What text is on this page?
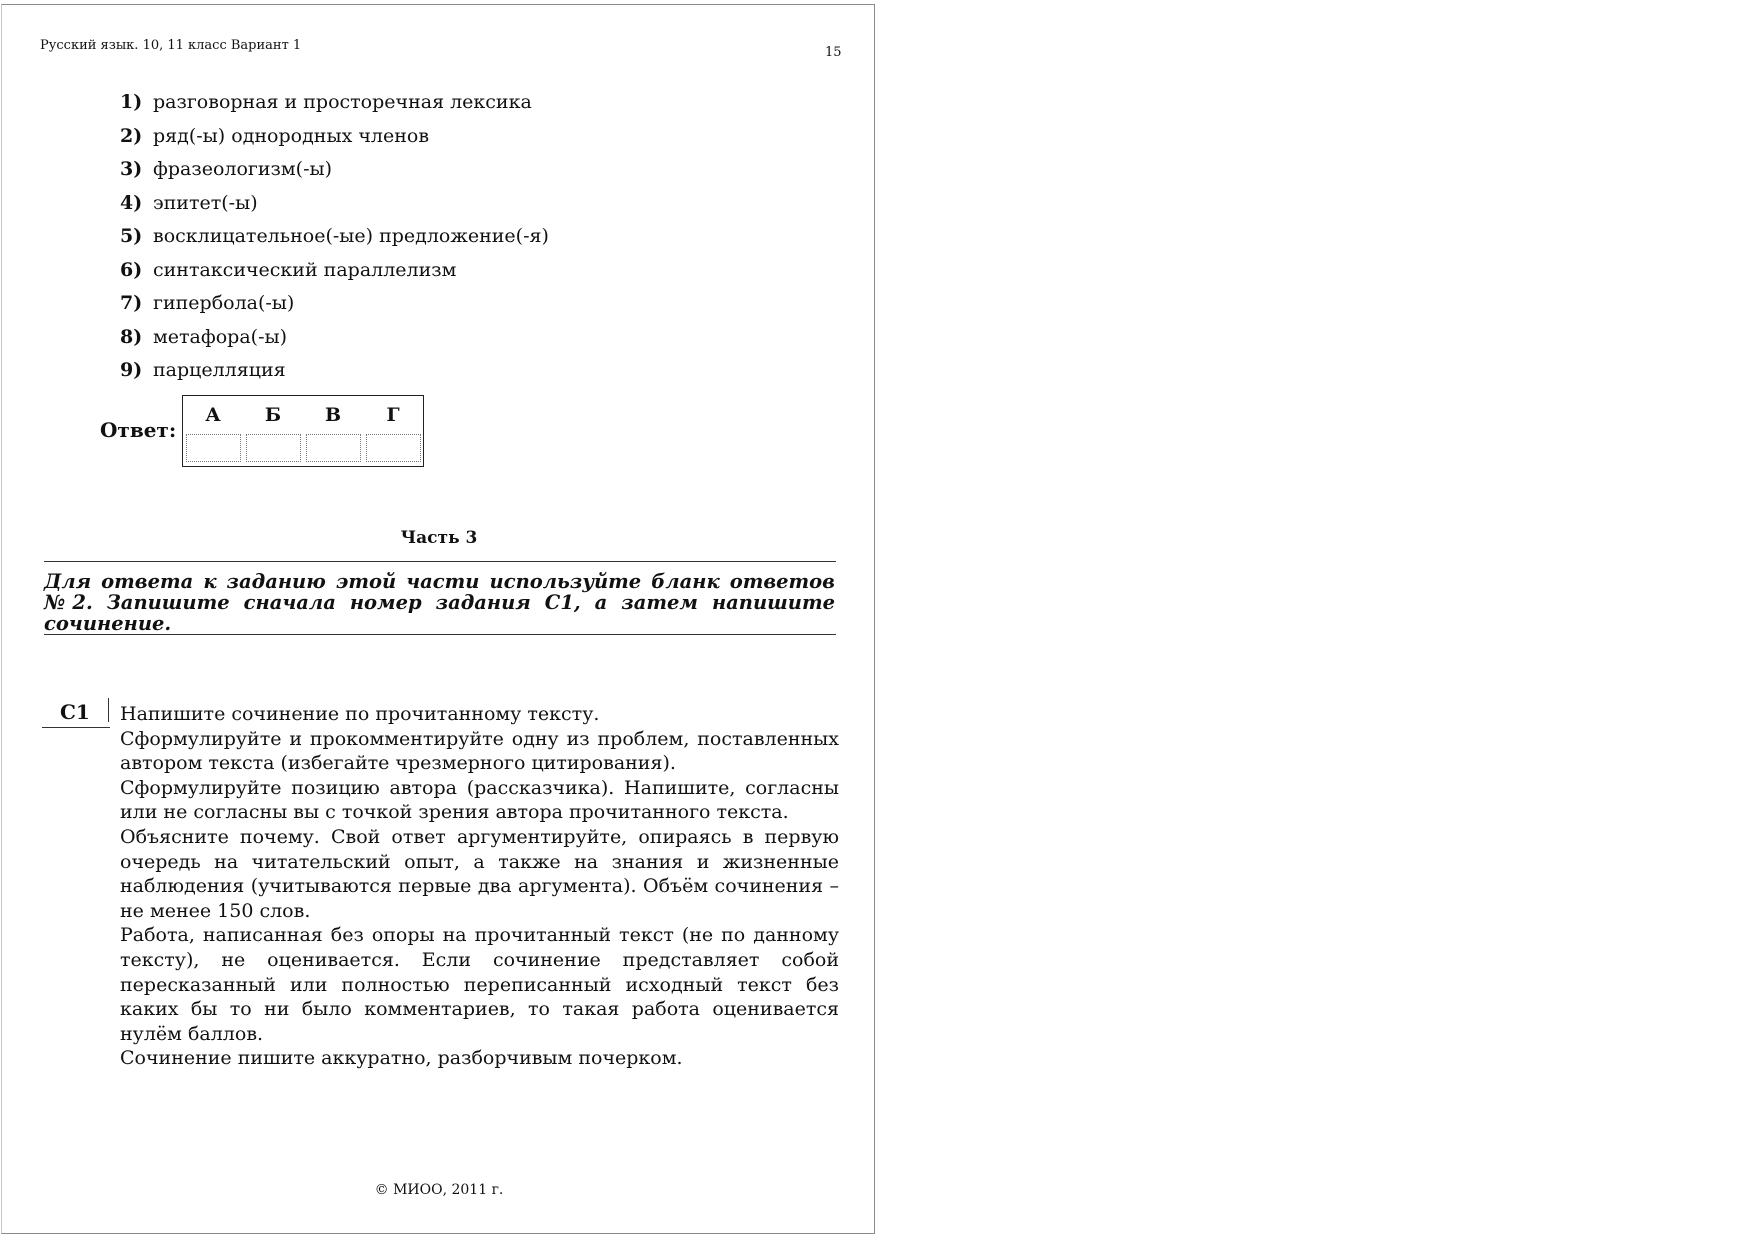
Русский язык. 10, 11 класс Вариант 1	15
1) разговорная и просторечная лексика
2) ряд(-ы) однородных членов
3) фразеологизм(-ы)
4) эпитет(-ы)
5) восклицательное(-ые) предложение(-я)
6) синтаксический параллелизм
7) гипербола(-ы)
8) метафора(-ы)
9) парцелляция
Ответ:
А	Б	В	Г
Часть 3
Для ответа к заданию этой части используйте бланк ответов №2. Запишите сначала номер задания С1, а затем напишите сочинение.
С1 Напишите сочинение по прочитанному тексту.

Сформулируйте и прокомментируйте одну из проблем, поставленных автором текста (избегайте чрезмерного цитирования).

Сформулируйте позицию автора (рассказчика). Напишите, согласны или не согласны вы с точкой зрения автора прочитанного текста.

Объясните почему. Свой ответ аргументируйте, опираясь в первую очередь на читательский опыт, а также на знания и жизненные наблюдения (учитываются первые два аргумента). Объём сочинения – не менее 150 слов.

Работа, написанная без опоры на прочитанный текст (не по данному тексту), не оценивается. Если сочинение представляет собой пересказанный или полностью переписанный исходный текст без каких бы то ни было комментариев, то такая работа оценивается нулём баллов.

Сочинение пишите аккуратно, разборчивым почерком.

© МИОО, 2011 г.
